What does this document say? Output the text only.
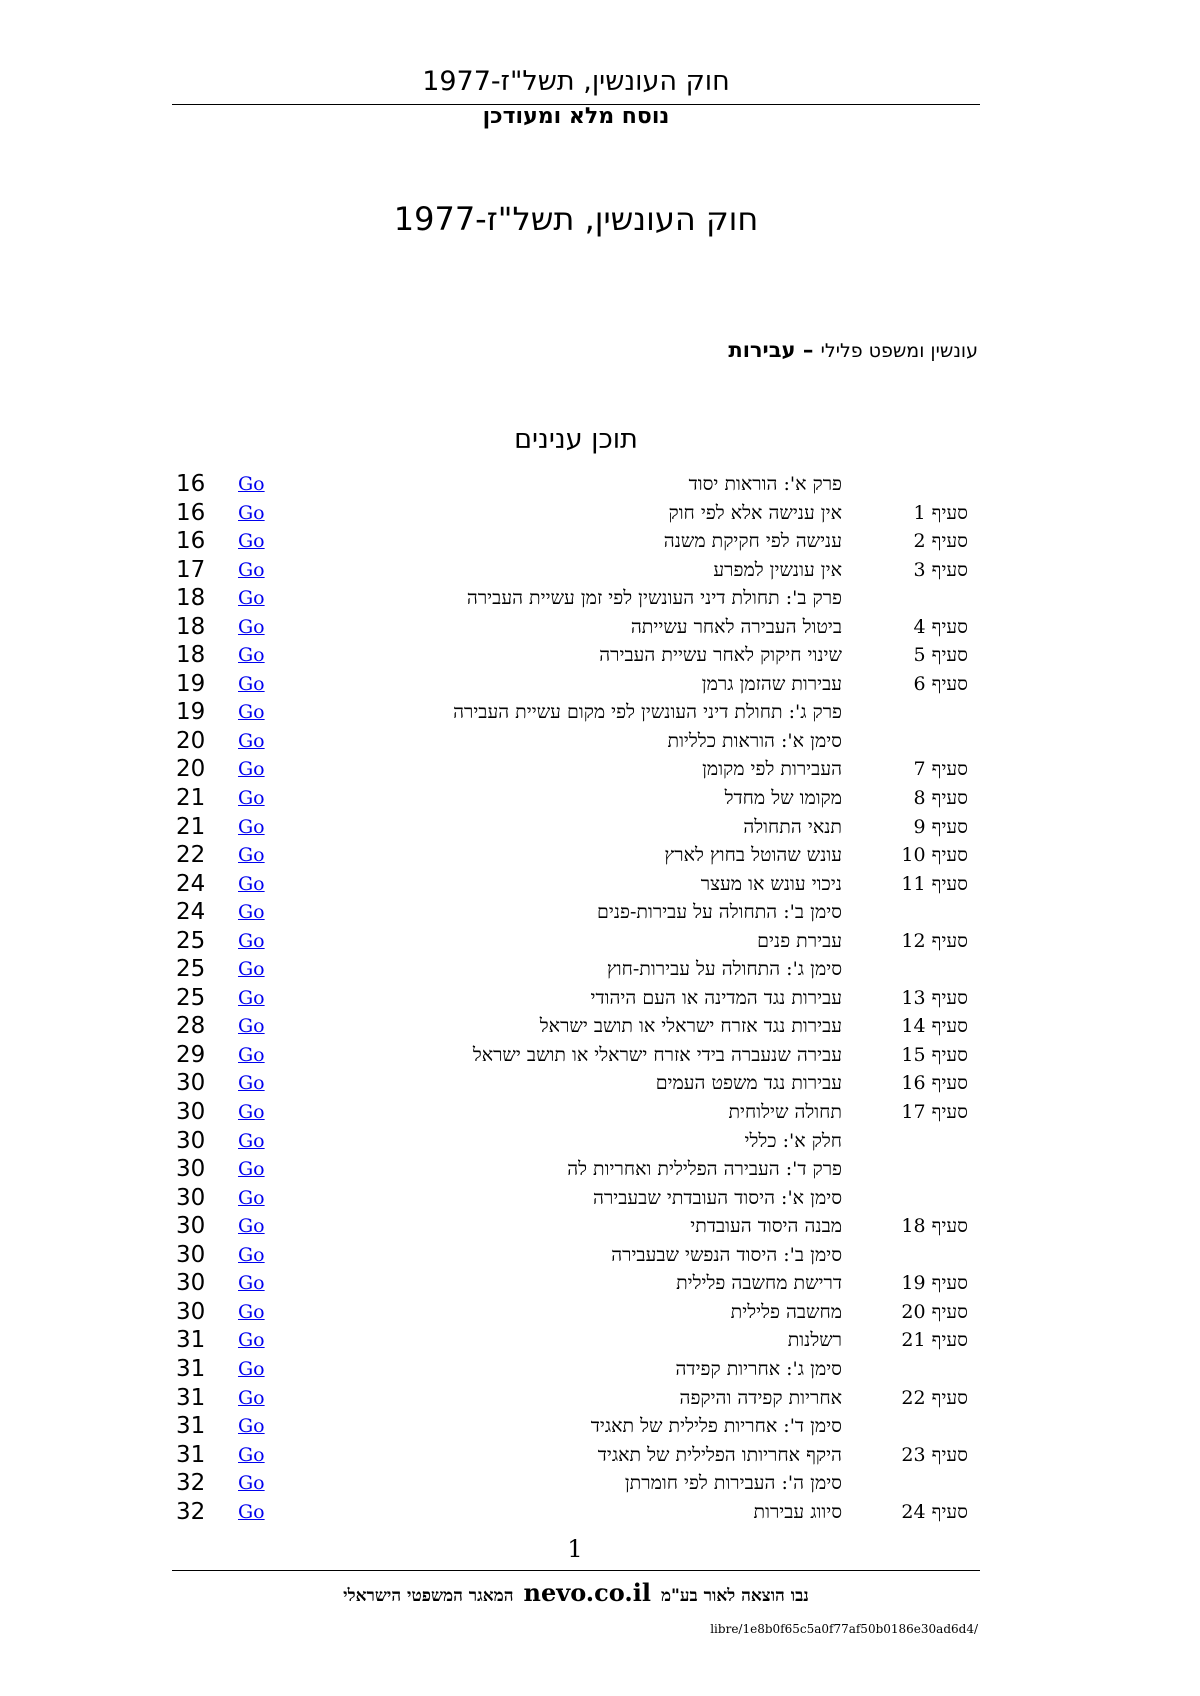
חוק העונשין, תשל"ז-1977
נוסח מלא ומעודכן
חוק העונשין, תשל"ז-1977
עונשין ומשפט פלילי – עבירות
תוכן ענינים
16 Go	פרק א': הוראות יסוד
16 Go	אין ענישה אלא לפי חוק	סעיף 1
16 Go	ענישה לפי חקיקת משנה	סעיף 2
17 Go	אין עונשין למפרע	סעיף 3
18 Go	פרק ב': תחולת דיני העונשין לפי זמן עשיית העבירה
18 Go	ביטול העבירה לאחר עשייתה	סעיף 4
18 Go	שינוי חיקוק לאחר עשיית העבירה	סעיף 5
19 Go	עבירות שהזמן גרמן	סעיף 6
19 Go	פרק ג': תחולת דיני העונשין לפי מקום עשיית העבירה
20 Go	סימן א': הוראות כלליות
20 Go	העבירות לפי מקומן	סעיף 7
21 Go	מקומו של מחדל	סעיף 8
21 Go	תנאי התחולה	סעיף 9
22 Go	עונש שהוטל בחוץ לארץ	סעיף 10
24 Go	ניכוי עונש או מעצר	סעיף 11
24 Go	סימן ב': התחולה על עבירות-פנים
25 Go	עבירת פנים	סעיף 12
25 Go	סימן ג': התחולה על עבירות-חוץ
25 Go	עבירות נגד המדינה או העם היהודי	סעיף 13
28 Go	עבירות נגד אזרח ישראלי או תושב ישראל	סעיף 14
29 Go	עבירה שנעברה בידי אזרח ישראלי או תושב ישראל	סעיף 15
30 Go	עבירות נגד משפט העמים	סעיף 16
30 Go	תחולה שילוחית	סעיף 17
30 Go	חלק א': כללי
30 Go	פרק ד': העבירה הפלילית ואחריות לה
30 Go	סימן א': היסוד העובדתי שבעבירה
30 Go	מבנה היסוד העובדתי	סעיף 18
30 Go	סימן ב': היסוד הנפשי שבעבירה
30 Go	דרישת מחשבה פלילית	סעיף 19
30 Go	מחשבה פלילית	סעיף 20
31 Go	רשלנות	סעיף 21
31 Go	סימן ג': אחריות קפידה
31 Go	אחריות קפידה והיקפה	סעיף 22
31 Go	סימן ד': אחריות פלילית של תאגיד
31 Go	היקף אחריותו הפלילית של תאגיד	סעיף 23
32 Go	סימן ה': העבירות לפי חומרתן
32 Go	סיווג עבירות	סעיף 24
1
נבו הוצאה לאור בע"מnevo.co.ilהמאגר המשפטי הישראלי
libre/1e8b0f65c5a0f77af50b0186e30ad6d4/
